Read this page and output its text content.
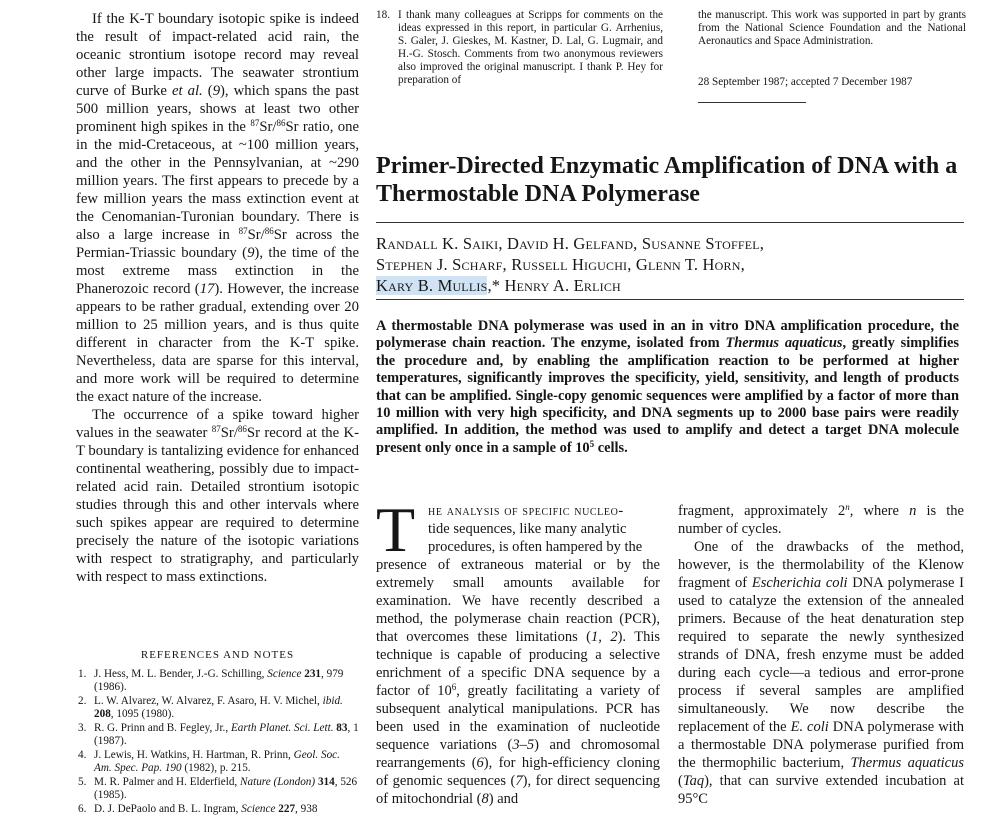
If the K-T boundary isotopic spike is indeed the result of impact-related acid rain, the oceanic strontium isotope record may reveal other large impacts. The seawater strontium curve of Burke et al. (9), which spans the past 500 million years, shows at least two other prominent high spikes in the $^{87}$Sr/$^{86}$Sr ratio, one in the mid-Cretaceous, at ~100 million years, and the other in the Pennsylvanian, at ~290 million years. The first appears to precede by a few million years the mass extinction event at the Cenomanian-Turonian boundary. There is also a large increase in $^{87}$Sr/$^{86}$Sr across the Permian-Triassic boundary (9), the time of the most extreme mass extinction in the Phanerozoic record (17). However, the increase appears to be rather gradual, extending over 20 million to 25 million years, and is thus quite different in character from the K-T spike. Nevertheless, data are sparse for this interval, and more work will be required to determine the exact nature of the increase.

The occurrence of a spike toward higher values in the seawater $^{87}$Sr/$^{86}$Sr record at the K-T boundary is tantalizing evidence for enhanced continental weathering, possibly due to impact-related acid rain. Detailed strontium isotopic studies through this and other intervals where such spikes appear are required to determine precisely the nature of the isotopic variations with respect to stratigraphy, and particularly with respect to mass extinctions.

REFERENCES AND NOTES
1. J. Hess, M. L. Bender, J.-G. Schilling, Science 231, 979 (1986).
2. L. W. Alvarez, W. Alvarez, F. Asaro, H. V. Michel, ibid. 208, 1095 (1980).
3. R. G. Prinn and B. Fegley, Jr., Earth Planet. Sci. Lett. 83, 1 (1987).
4. J. Lewis, H. Watkins, H. Hartman, R. Prinn, Geol. Soc. Am. Spec. Pap. 190 (1982), p. 215.
5. M. R. Palmer and H. Elderfield, Nature (London) 314, 526 (1985).
6. D. J. DePaolo and B. L. Ingram, Science 227, 938
18. I thank many colleagues at Scripps for comments on the ideas expressed in this report, in particular G. Arrhenius, S. Galer, J. Gieskes, M. Kastner, D. Lal, G. Lugmair, and H.-G. Stosch. Comments from two anonymous reviewers also improved the original manuscript. I thank P. Hey for preparation of
the manuscript. This work was supported in part by grants from the National Science Foundation and the National Aeronautics and Space Administration.
28 September 1987; accepted 7 December 1987
Primer-Directed Enzymatic Amplification of DNA with a Thermostable DNA Polymerase
Randall K. Saiki, David H. Gelfand, Susanne Stoffel,
Stephen J. Scharf, Russell Higuchi, Glenn T. Horn,
Kary B. Mullis,* Henry A. Erlich

A thermostable DNA polymerase was used in an in vitro DNA amplification procedure, the polymerase chain reaction. The enzyme, isolated from Thermus aquaticus, greatly simplifies the procedure and, by enabling the amplification reaction to be performed at higher temperatures, significantly improves the specificity, yield, sensitivity, and length of products that can be amplified. Single-copy genomic sequences were amplified by a factor of more than 10 million with very high specificity, and DNA segments up to 2000 base pairs were readily amplified. In addition, the method was used to amplify and detect a target DNA molecule present only once in a sample of $10^5$ cells.

T he analysis of specific nucleo-
tide sequences, like many analytic
procedures, is often hampered by the
presence of extraneous material or by the extremely small amounts available for examination. We have recently described a method, the polymerase chain reaction (PCR), that overcomes these limitations (1, 2). This technique is capable of producing a selective enrichment of a specific DNA sequence by a factor of $10^6$, greatly facilitating a variety of subsequent analytical manipulations. PCR has been used in the examination of nucleotide sequence variations (3–5) and chromosomal rearrangements (6), for high-efficiency cloning of genomic sequences (7), for direct sequencing of mitochondrial (8) and

fragment, approximately 2$^n$, where n is the number of cycles.

One of the drawbacks of the method, however, is the thermolability of the Klenow fragment of Escherichia coli DNA polymerase I used to catalyze the extension of the annealed primers. Because of the heat denaturation step required to separate the newly synthesized strands of DNA, fresh enzyme must be added during each cycle—a tedious and error-prone process if several samples are amplified simultaneously. We now describe the replacement of the E. coli DNA polymerase with a thermostable DNA polymerase purified from the thermophilic bacterium, Thermus aquaticus (Taq), that can survive extended incubation at 95°C
